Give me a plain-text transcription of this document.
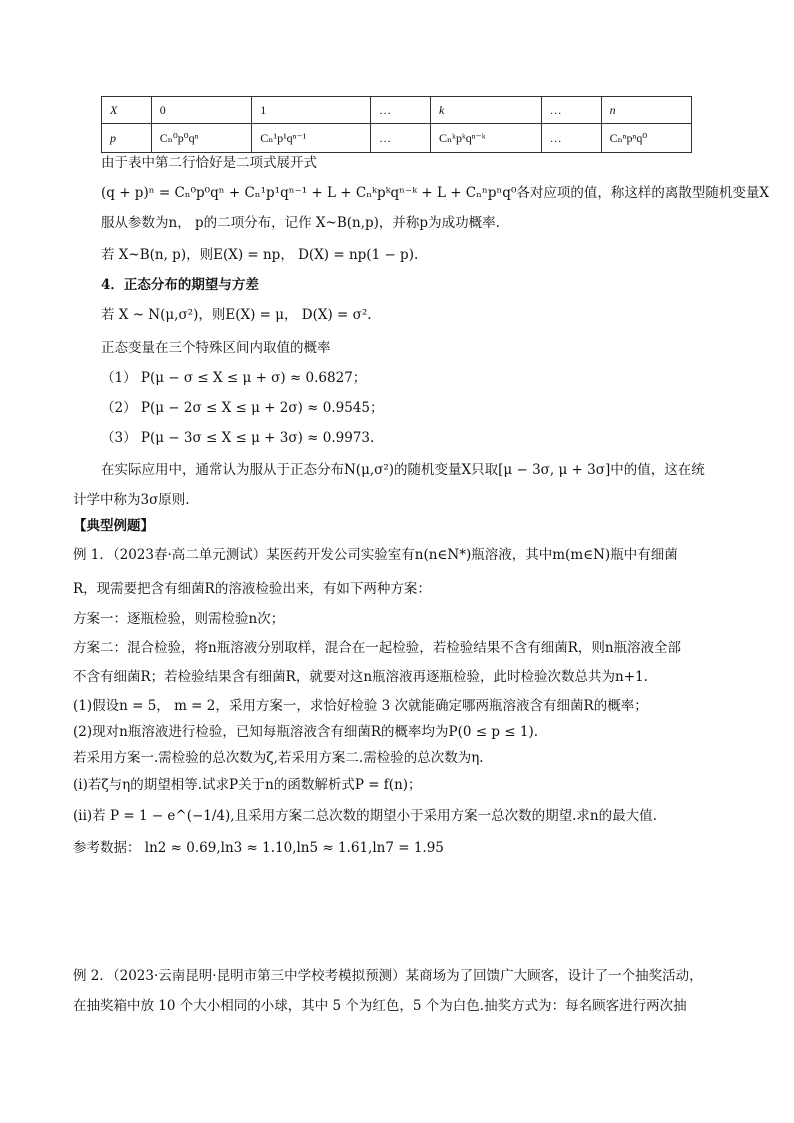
X	0	1	…	k	…	n
p	Cₙ⁰p⁰qⁿ	Cₙ¹p¹qⁿ⁻¹	…	Cₙᵏpᵏqⁿ⁻ᵏ	…	Cₙⁿpⁿq⁰
由于表中第二行恰好是二项式展开式
(q + p)ⁿ = Cₙ⁰p⁰qⁿ + Cₙ¹p¹qⁿ⁻¹ + L + Cₙᵏpᵏqⁿ⁻ᵏ + L + Cₙⁿpⁿq⁰各对应项的值，称这样的离散型随机变量X
服从参数为n， p的二项分布，记作 X~B(n,p)，并称p为成功概率.
若 X~B(n, p)，则E(X) = np， D(X) = np(1 − p).
4．正态分布的期望与方差
若 X ~ N(μ,σ²)，则E(X) = μ， D(X) = σ².
正态变量在三个特殊区间内取值的概率
（1） P(μ − σ ≤ X ≤ μ + σ) ≈ 0.6827；
（2） P(μ − 2σ ≤ X ≤ μ + 2σ) ≈ 0.9545；
（3） P(μ − 3σ ≤ X ≤ μ + 3σ) ≈ 0.9973.
在实际应用中，通常认为服从于正态分布N(μ,σ²)的随机变量X只取[μ − 3σ, μ + 3σ]中的值，这在统
计学中称为3σ原则.
【典型例题】
例 1．（2023春·高二单元测试）某医药开发公司实验室有n(n∈N*)瓶溶液，其中m(m∈N)瓶中有细菌
R，现需要把含有细菌R的溶液检验出来，有如下两种方案：
方案一：逐瓶检验，则需检验n次；
方案二：混合检验，将n瓶溶液分别取样，混合在一起检验，若检验结果不含有细菌R，则n瓶溶液全部
不含有细菌R；若检验结果含有细菌R，就要对这n瓶溶液再逐瓶检验，此时检验次数总共为n+1.
(1)假设n = 5， m = 2，采用方案一，求恰好检验 3 次就能确定哪两瓶溶液含有细菌R的概率；
(2)现对n瓶溶液进行检验，已知每瓶溶液含有细菌R的概率均为P(0 ≤ p ≤ 1).
若采用方案一.需检验的总次数为ζ,若采用方案二.需检验的总次数为η.
(i)若ζ与η的期望相等.试求P关于n的函数解析式P = f(n)；
(ii)若 P = 1 − e^(−1/4),且采用方案二总次数的期望小于采用方案一总次数的期望.求n的最大值.
参考数据： ln2 ≈ 0.69,ln3 ≈ 1.10,ln5 ≈ 1.61,ln7 = 1.95
例 2．（2023·云南昆明·昆明市第三中学校考模拟预测）某商场为了回馈广大顾客，设计了一个抽奖活动，
在抽奖箱中放 10 个大小相同的小球，其中 5 个为红色，5 个为白色.抽奖方式为：每名顾客进行两次抽
